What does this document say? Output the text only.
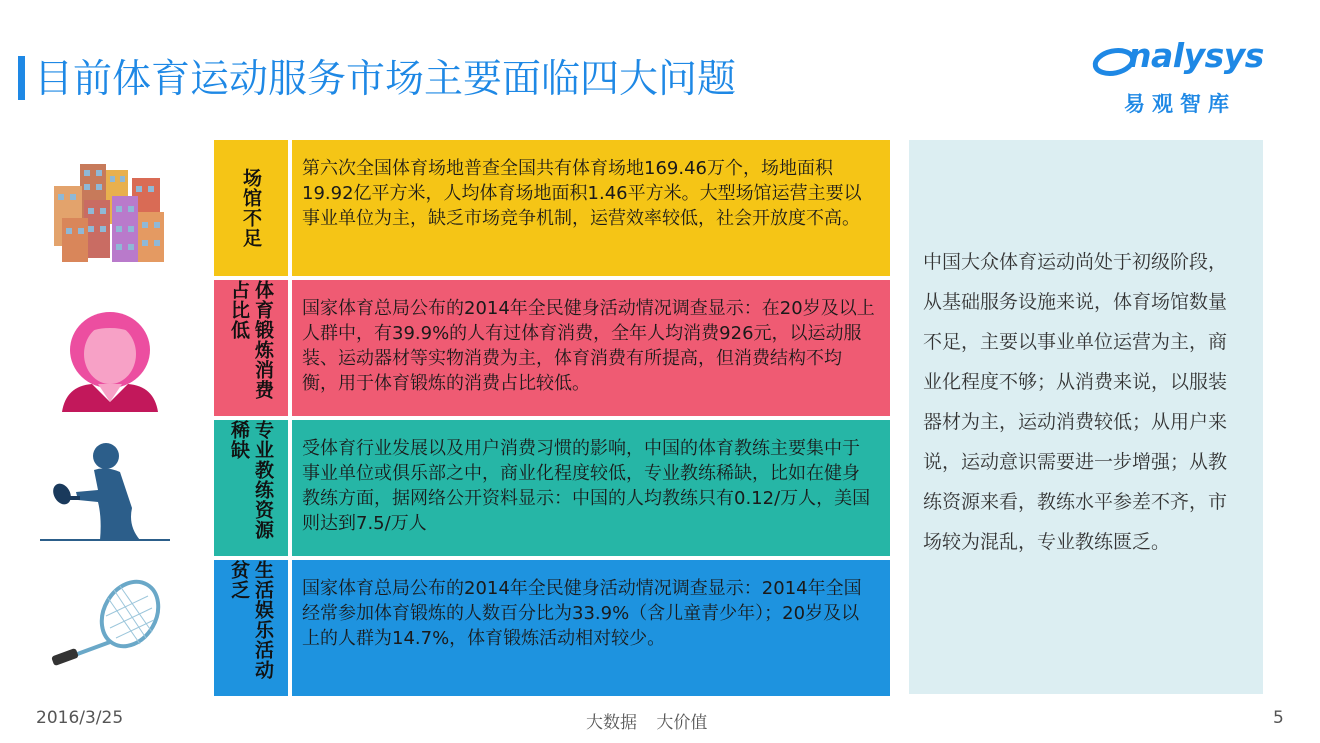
目前体育运动服务市场主要面临四大问题
nalysys
易观智库
场馆不足	第六次全国体育场地普查全国共有体育场地169.46万个，场地面积19.92亿平方米，人均体育场地面积1.46平方米。大型场馆运营主要以事业单位为主，缺乏市场竞争机制，运营效率较低，社会开放度不高。
体育锻炼消费占比低	国家体育总局公布的2014年全民健身活动情况调查显示：在20岁及以上人群中，有39.9%的人有过体育消费，全年人均消费926元，以运动服装、运动器材等实物消费为主，体育消费有所提高，但消费结构不均衡，用于体育锻炼的消费占比较低。
专业教练资源稀缺	受体育行业发展以及用户消费习惯的影响，中国的体育教练主要集中于事业单位或俱乐部之中，商业化程度较低，专业教练稀缺，比如在健身教练方面，据网络公开资料显示：中国的人均教练只有0.12/万人，美国则达到7.5/万人
生活娱乐活动贫乏	国家体育总局公布的2014年全民健身活动情况调查显示：2014年全国经常参加体育锻炼的人数百分比为33.9%（含儿童青少年）；20岁及以上的人群为14.7%，体育锻炼活动相对较少。

中国大众体育运动尚处于初级阶段，从基础服务设施来说，体育场馆数量不足，主要以事业单位运营为主，商业化程度不够；从消费来说，以服装器材为主，运动消费较低；从用户来说，运动意识需要进一步增强；从教练资源来看，教练水平参差不齐，市场较为混乱，专业教练匮乏。

2016/3/25	大数据 大价值	5
